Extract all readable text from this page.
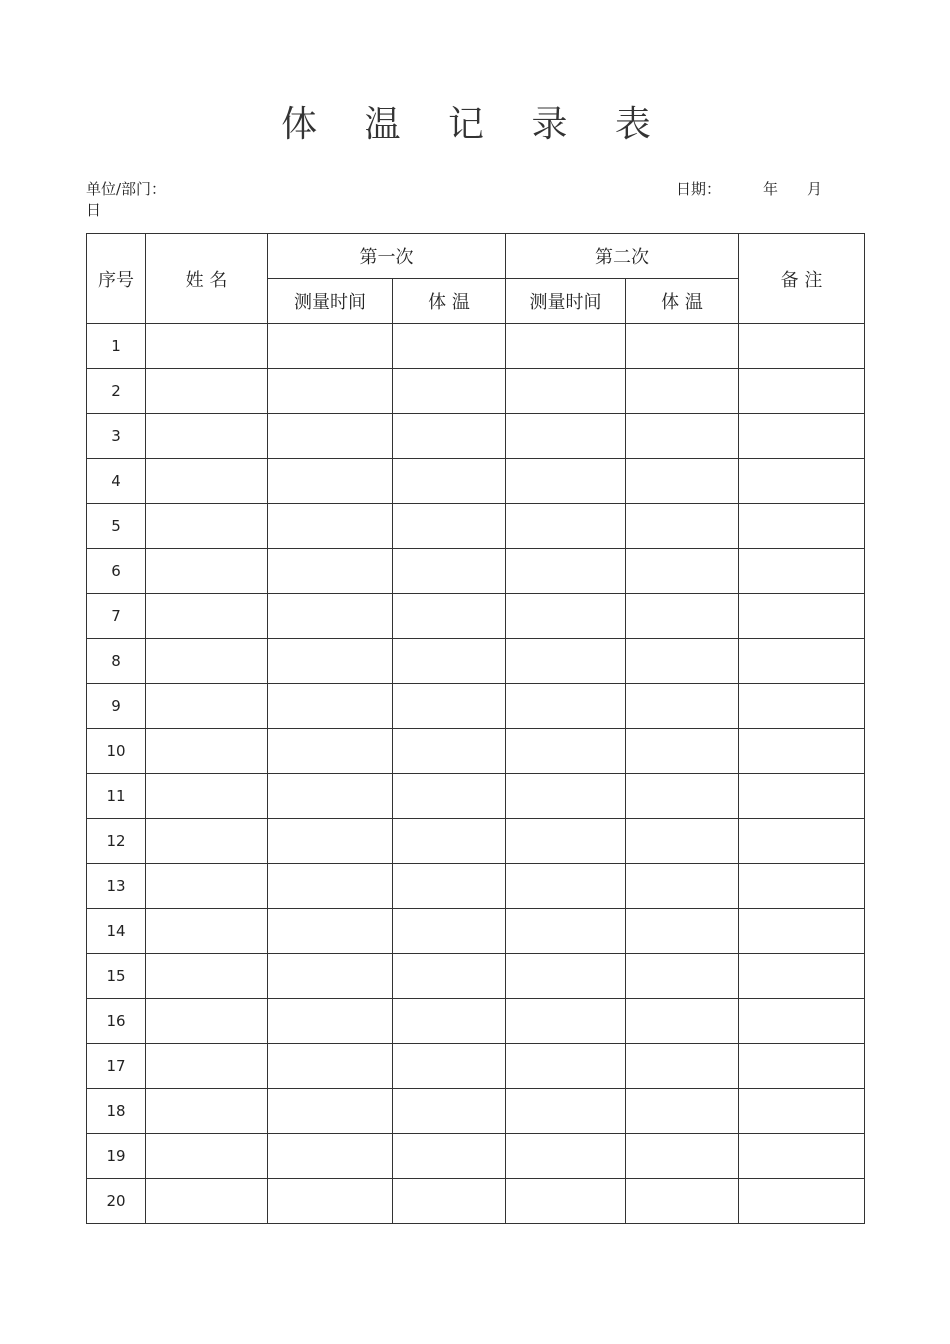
体 温 记 录 表
单位/部门：	日期：	年 月
日
序号	姓 名	第一次		第二次		备 注
		测量时间	体 温	测量时间	体 温	
1						
2						
3						
4						
5						
6						
7						
8						
9						
10						
11						
12						
13						
14						
15						
16						
17						
18						
19						
20						
